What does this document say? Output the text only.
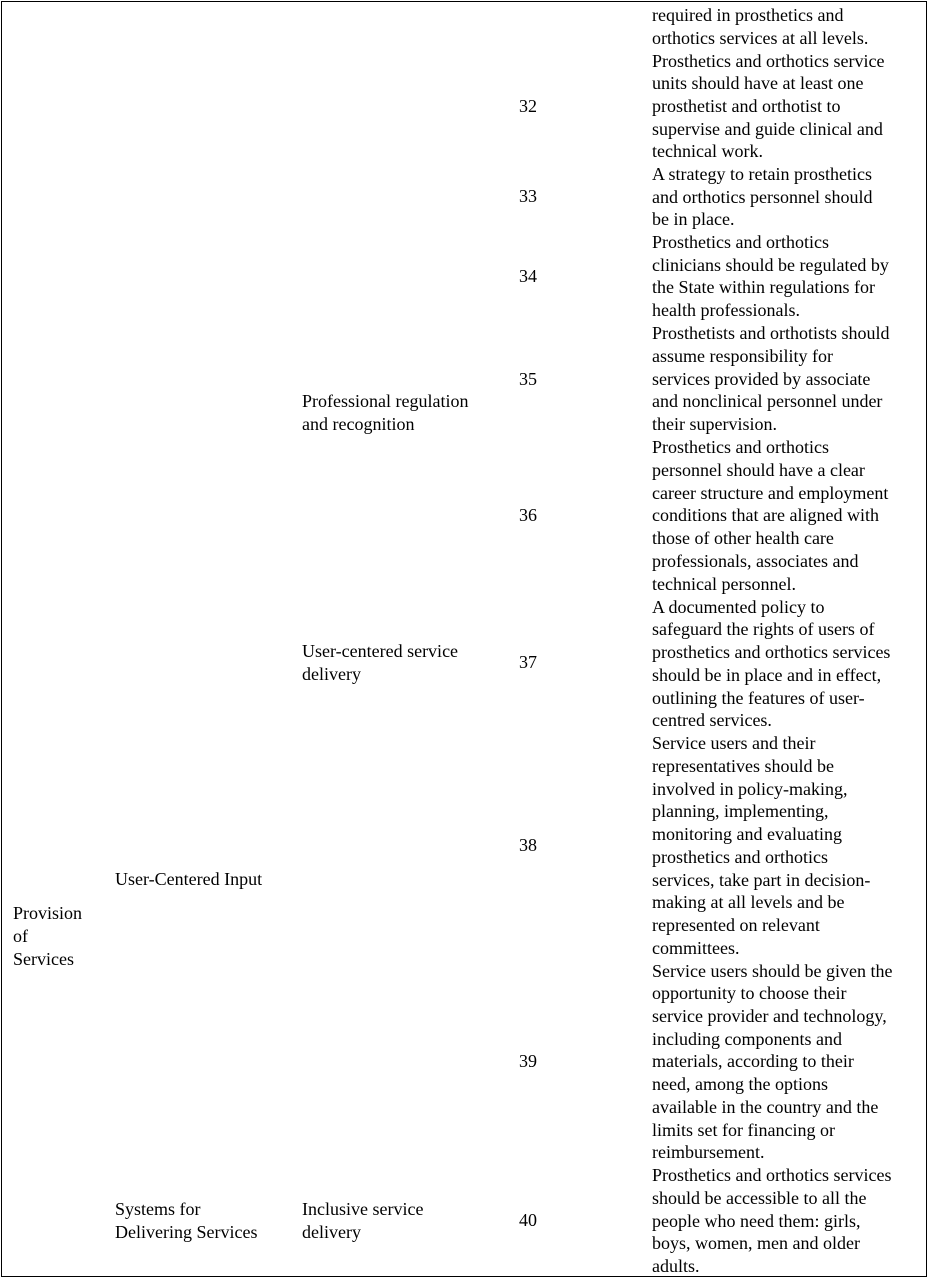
Provision
of
Services
User-Centered Input
Systems for
Delivering Services
Professional regulation
and recognition
User-centered service
delivery
Inclusive service
delivery
32
33
34
35
36
37
38
39
40
required in prosthetics and
orthotics services at all levels.
Prosthetics and orthotics service
units should have at least one
prosthetist and orthotist to
supervise and guide clinical and
technical work.
A strategy to retain prosthetics
and orthotics personnel should
be in place.
Prosthetics and orthotics
clinicians should be regulated by
the State within regulations for
health professionals.
Prosthetists and orthotists should
assume responsibility for
services provided by associate
and nonclinical personnel under
their supervision.
Prosthetics and orthotics
personnel should have a clear
career structure and employment
conditions that are aligned with
those of other health care
professionals, associates and
technical personnel.
A documented policy to
safeguard the rights of users of
prosthetics and orthotics services
should be in place and in effect,
outlining the features of user-
centred services.
Service users and their
representatives should be
involved in policy-making,
planning, implementing,
monitoring and evaluating
prosthetics and orthotics
services, take part in decision-
making at all levels and be
represented on relevant
committees.
Service users should be given the
opportunity to choose their
service provider and technology,
including components and
materials, according to their
need, among the options
available in the country and the
limits set for financing or
reimbursement.
Prosthetics and orthotics services
should be accessible to all the
people who need them: girls,
boys, women, men and older
adults.
